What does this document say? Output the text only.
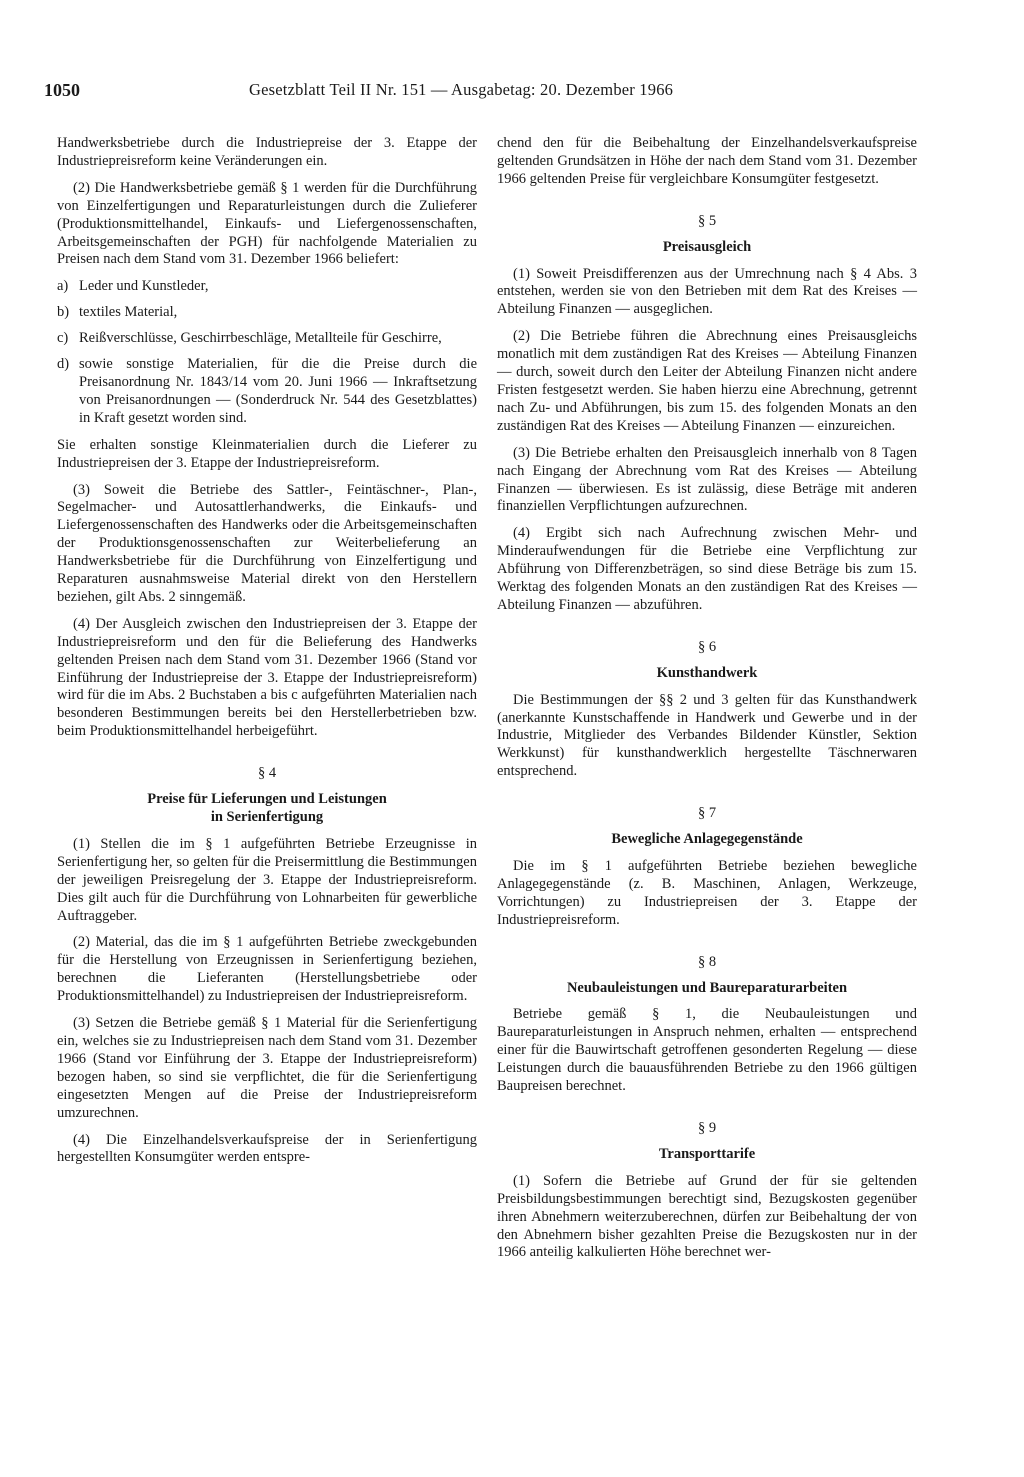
1050	Gesetzblatt Teil II Nr. 151 — Ausgabetag: 20. Dezember 1966

Handwerksbetriebe durch die Industriepreise der 3. Etappe der Industriepreisreform keine Veränderungen ein.

(2) Die Handwerksbetriebe gemäß § 1 werden für die Durchführung von Einzelfertigungen und Reparaturleistungen durch die Zulieferer (Produktionsmittelhandel, Einkaufs- und Liefergenossenschaften, Arbeitsgemeinschaften der PGH) für nachfolgende Materialien zu Preisen nach dem Stand vom 31. Dezember 1966 beliefert:

a) Leder und Kunstleder,
b) textiles Material,
c) Reißverschlüsse, Geschirrbeschläge, Metallteile für Geschirre,
d) sowie sonstige Materialien, für die die Preise durch die Preisanordnung Nr. 1843/14 vom 20. Juni 1966 — Inkraftsetzung von Preisanordnungen — (Sonderdruck Nr. 544 des Gesetzblattes) in Kraft gesetzt worden sind.

Sie erhalten sonstige Kleinmaterialien durch die Lieferer zu Industriepreisen der 3. Etappe der Industriepreisreform.

(3) Soweit die Betriebe des Sattler-, Feintäschner-, Plan-, Segelmacher- und Autosattlerhandwerks, die Einkaufs- und Liefergenossenschaften des Handwerks oder die Arbeitsgemeinschaften der Produktionsgenossenschaften zur Weiterbelieferung an Handwerksbetriebe für die Durchführung von Einzelfertigung und Reparaturen ausnahmsweise Material direkt von den Herstellern beziehen, gilt Abs. 2 sinngemäß.

(4) Der Ausgleich zwischen den Industriepreisen der 3. Etappe der Industriepreisreform und den für die Belieferung des Handwerks geltenden Preisen nach dem Stand vom 31. Dezember 1966 (Stand vor Einführung der Industriepreise der 3. Etappe der Industriepreisreform) wird für die im Abs. 2 Buchstaben a bis c aufgeführten Materialien nach besonderen Bestimmungen bereits bei den Herstellerbetrieben bzw. beim Produktionsmittelhandel herbeigeführt.

§ 4
Preise für Lieferungen und Leistungen
in Serienfertigung

(1) Stellen die im § 1 aufgeführten Betriebe Erzeugnisse in Serienfertigung her, so gelten für die Preisermittlung die Bestimmungen der jeweiligen Preisregelung der 3. Etappe der Industriepreisreform. Dies gilt auch für die Durchführung von Lohnarbeiten für gewerbliche Auftraggeber.

(2) Material, das die im § 1 aufgeführten Betriebe zweckgebunden für die Herstellung von Erzeugnissen in Serienfertigung beziehen, berechnen die Lieferanten (Herstellungsbetriebe oder Produktionsmittelhandel) zu Industriepreisen der Industriepreisreform.

(3) Setzen die Betriebe gemäß § 1 Material für die Serienfertigung ein, welches sie zu Industriepreisen nach dem Stand vom 31. Dezember 1966 (Stand vor Einführung der 3. Etappe der Industriepreisreform) bezogen haben, so sind sie verpflichtet, die für die Serienfertigung eingesetzten Mengen auf die Preise der Industriepreisreform umzurechnen.

(4) Die Einzelhandelsverkaufspreise der in Serienfertigung hergestellten Konsumgüter werden entspre-

chend den für die Beibehaltung der Einzelhandelsverkaufspreise geltenden Grundsätzen in Höhe der nach dem Stand vom 31. Dezember 1966 geltenden Preise für vergleichbare Konsumgüter festgesetzt.

§ 5
Preisausgleich

(1) Soweit Preisdifferenzen aus der Umrechnung nach § 4 Abs. 3 entstehen, werden sie von den Betrieben mit dem Rat des Kreises — Abteilung Finanzen — ausgeglichen.

(2) Die Betriebe führen die Abrechnung eines Preisausgleichs monatlich mit dem zuständigen Rat des Kreises — Abteilung Finanzen — durch, soweit durch den Leiter der Abteilung Finanzen nicht andere Fristen festgesetzt werden. Sie haben hierzu eine Abrechnung, getrennt nach Zu- und Abführungen, bis zum 15. des folgenden Monats an den zuständigen Rat des Kreises — Abteilung Finanzen — einzureichen.

(3) Die Betriebe erhalten den Preisausgleich innerhalb von 8 Tagen nach Eingang der Abrechnung vom Rat des Kreises — Abteilung Finanzen — überwiesen. Es ist zulässig, diese Beträge mit anderen finanziellen Verpflichtungen aufzurechnen.

(4) Ergibt sich nach Aufrechnung zwischen Mehr- und Minderaufwendungen für die Betriebe eine Verpflichtung zur Abführung von Differenzbeträgen, so sind diese Beträge bis zum 15. Werktag des folgenden Monats an den zuständigen Rat des Kreises — Abteilung Finanzen — abzuführen.

§ 6
Kunsthandwerk

Die Bestimmungen der §§ 2 und 3 gelten für das Kunsthandwerk (anerkannte Kunstschaffende in Handwerk und Gewerbe und in der Industrie, Mitglieder des Verbandes Bildender Künstler, Sektion Werkkunst) für kunsthandwerklich hergestellte Täschnerwaren entsprechend.

§ 7
Bewegliche Anlagegegenstände

Die im § 1 aufgeführten Betriebe beziehen bewegliche Anlagegegenstände (z. B. Maschinen, Anlagen, Werkzeuge, Vorrichtungen) zu Industriepreisen der 3. Etappe der Industriepreisreform.

§ 8
Neubauleistungen und Baureparaturarbeiten

Betriebe gemäß § 1, die Neubauleistungen und Baureparaturleistungen in Anspruch nehmen, erhalten — entsprechend einer für die Bauwirtschaft getroffenen gesonderten Regelung — diese Leistungen durch die bauausführenden Betriebe zu den 1966 gültigen Baupreisen berechnet.

§ 9
Transporttarife

(1) Sofern die Betriebe auf Grund der für sie geltenden Preisbildungsbestimmungen berechtigt sind, Bezugskosten gegenüber ihren Abnehmern weiterzuberechnen, dürfen zur Beibehaltung der von den Abnehmern bisher gezahlten Preise die Bezugskosten nur in der 1966 anteilig kalkulierten Höhe berechnet wer-
